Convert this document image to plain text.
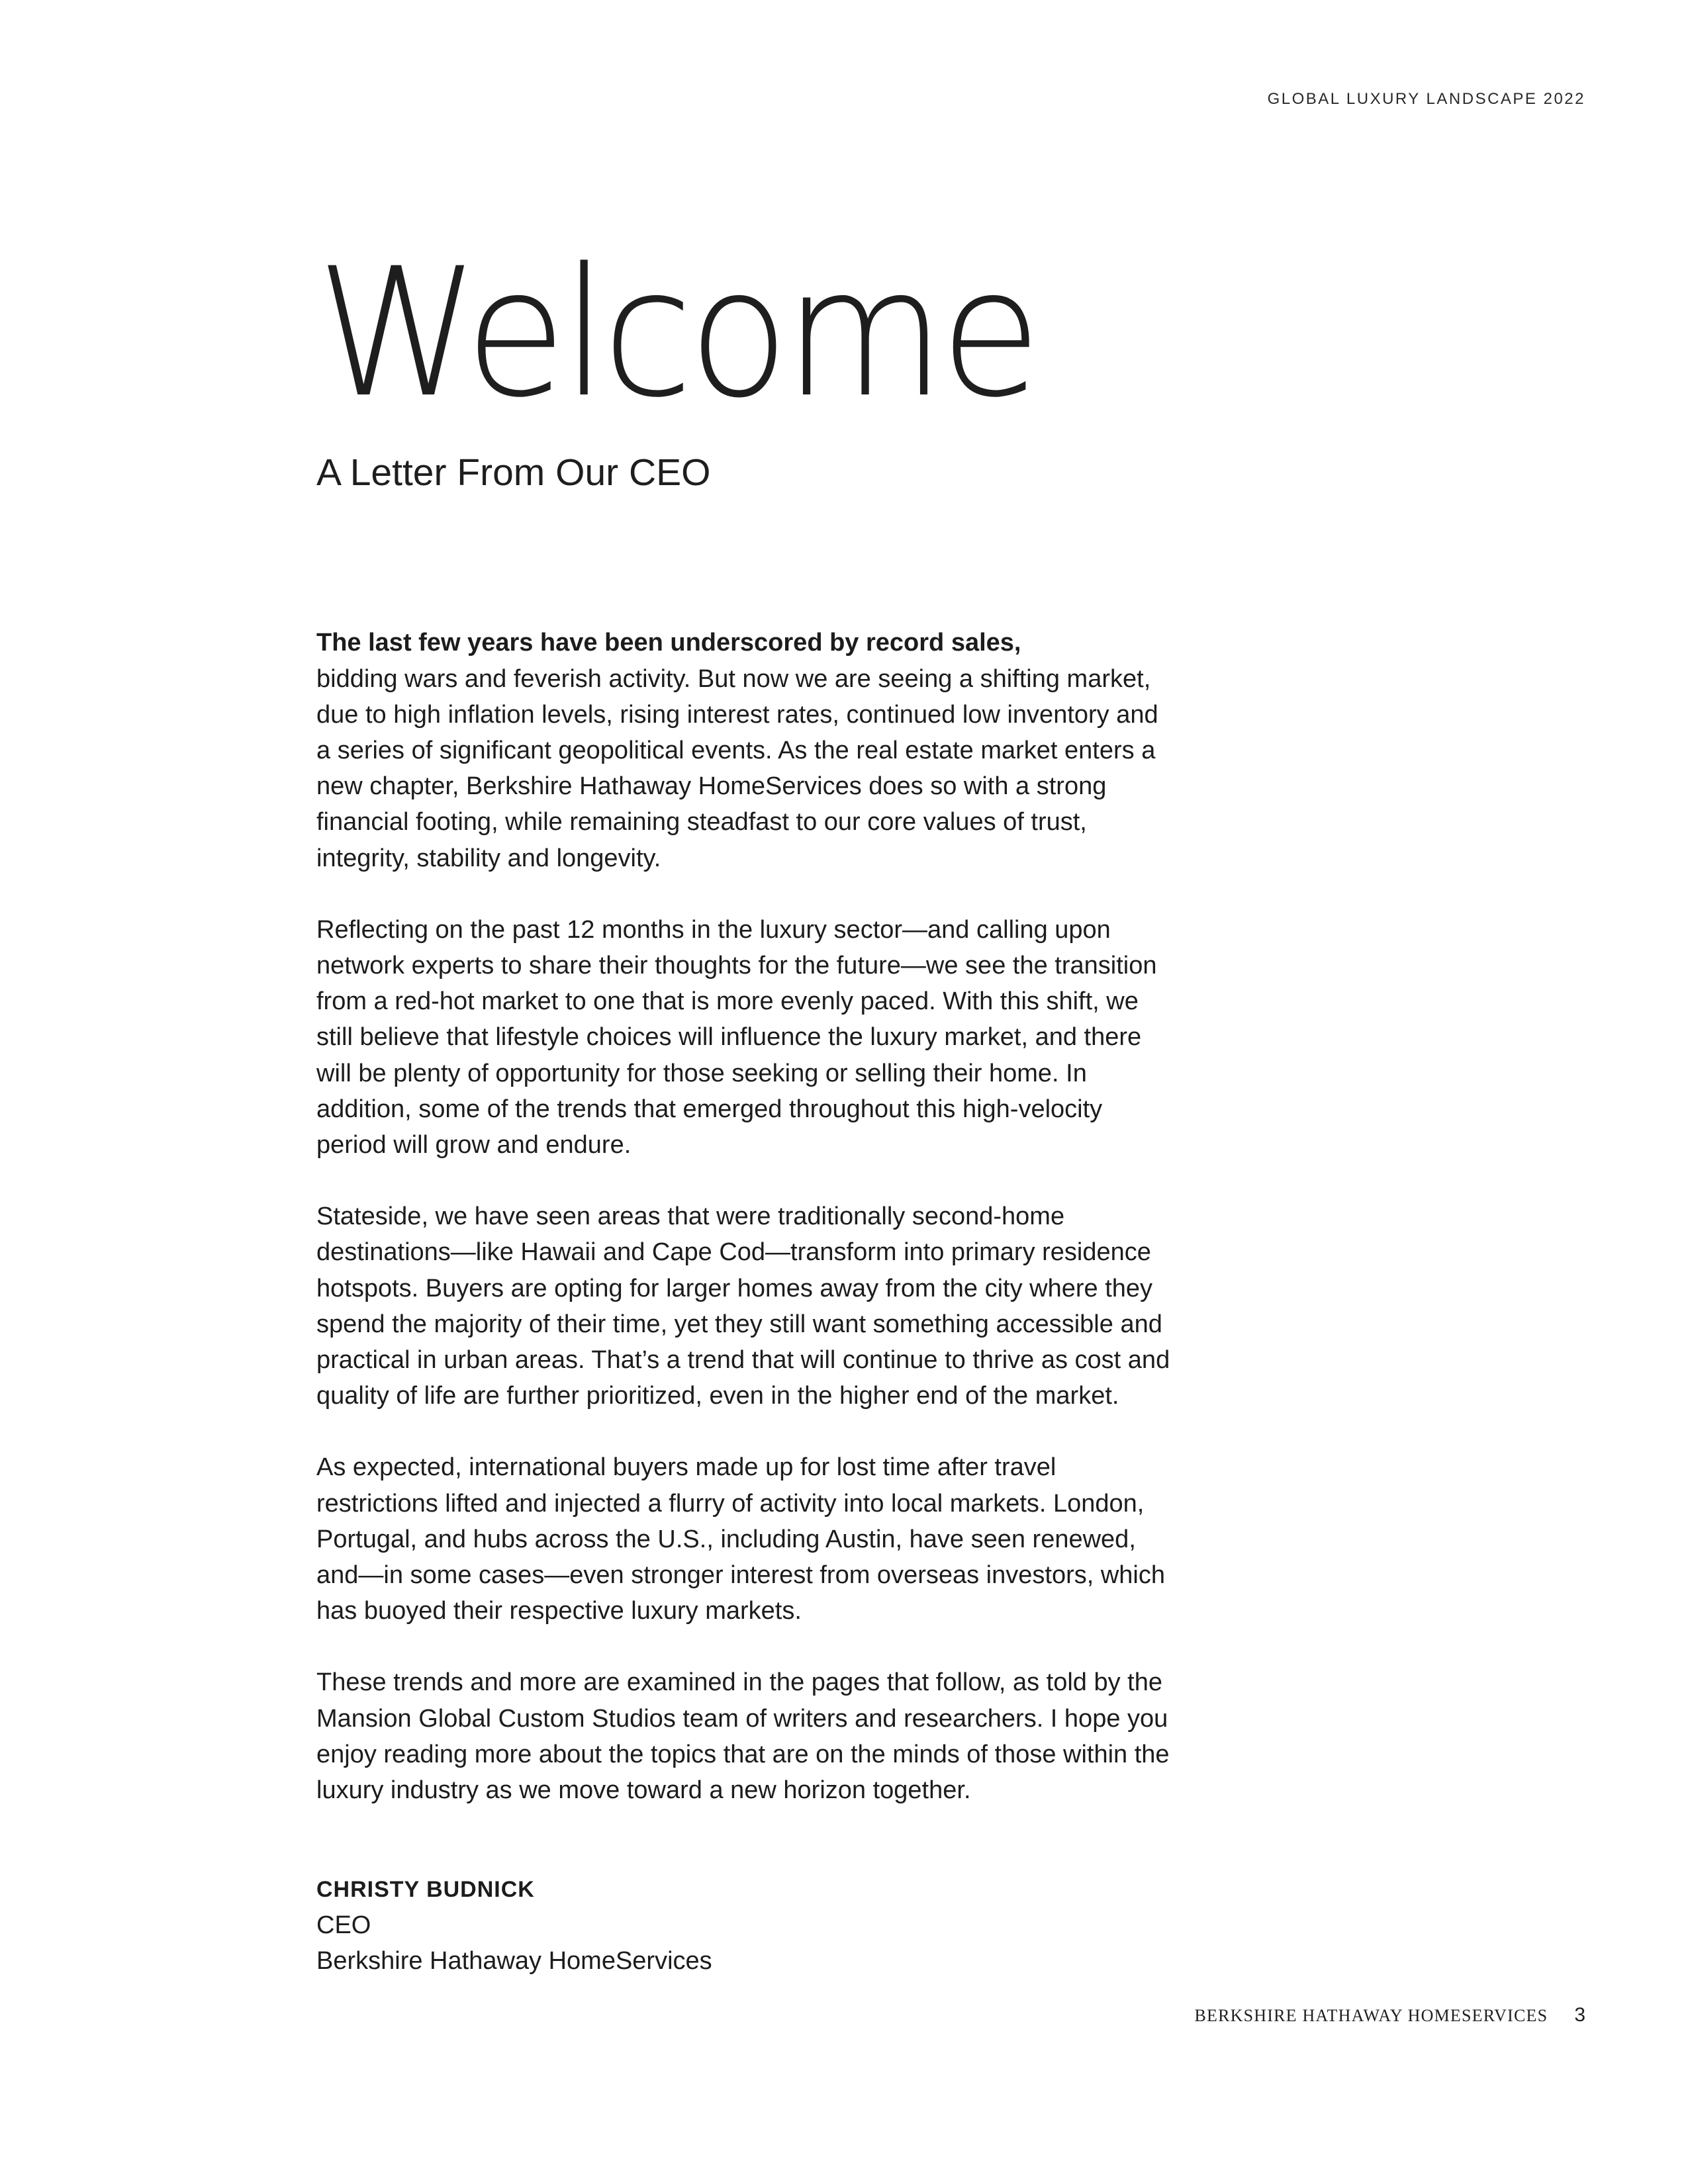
GLOBAL LUXURY LANDSCAPE 2022
Welcome
A Letter From Our CEO

The last few years have been underscored by record sales,
bidding wars and feverish activity. But now we are seeing a shifting market, due to high inflation levels, rising interest rates, continued low inventory and a series of significant geopolitical events. As the real estate market enters a new chapter, Berkshire Hathaway HomeServices does so with a strong financial footing, while remaining steadfast to our core values of trust, integrity, stability and longevity.

Reflecting on the past 12 months in the luxury sector—and calling upon network experts to share their thoughts for the future—we see the transition from a red-hot market to one that is more evenly paced. With this shift, we still believe that lifestyle choices will influence the luxury market, and there will be plenty of opportunity for those seeking or selling their home. In addition, some of the trends that emerged throughout this high-velocity period will grow and endure.

Stateside, we have seen areas that were traditionally second-home destinations—like Hawaii and Cape Cod—transform into primary residence hotspots. Buyers are opting for larger homes away from the city where they spend the majority of their time, yet they still want something accessible and practical in urban areas. That’s a trend that will continue to thrive as cost and quality of life are further prioritized, even in the higher end of the market.

As expected, international buyers made up for lost time after travel restrictions lifted and injected a flurry of activity into local markets. London, Portugal, and hubs across the U.S., including Austin, have seen renewed, and—in some cases—even stronger interest from overseas investors, which has buoyed their respective luxury markets.

These trends and more are examined in the pages that follow, as told by the Mansion Global Custom Studios team of writers and researchers. I hope you enjoy reading more about the topics that are on the minds of those within the luxury industry as we move toward a new horizon together.

CHRISTY BUDNICK
CEO
Berkshire Hathaway HomeServices
BERKSHIRE HATHAWAY HOMESERVICES 3
